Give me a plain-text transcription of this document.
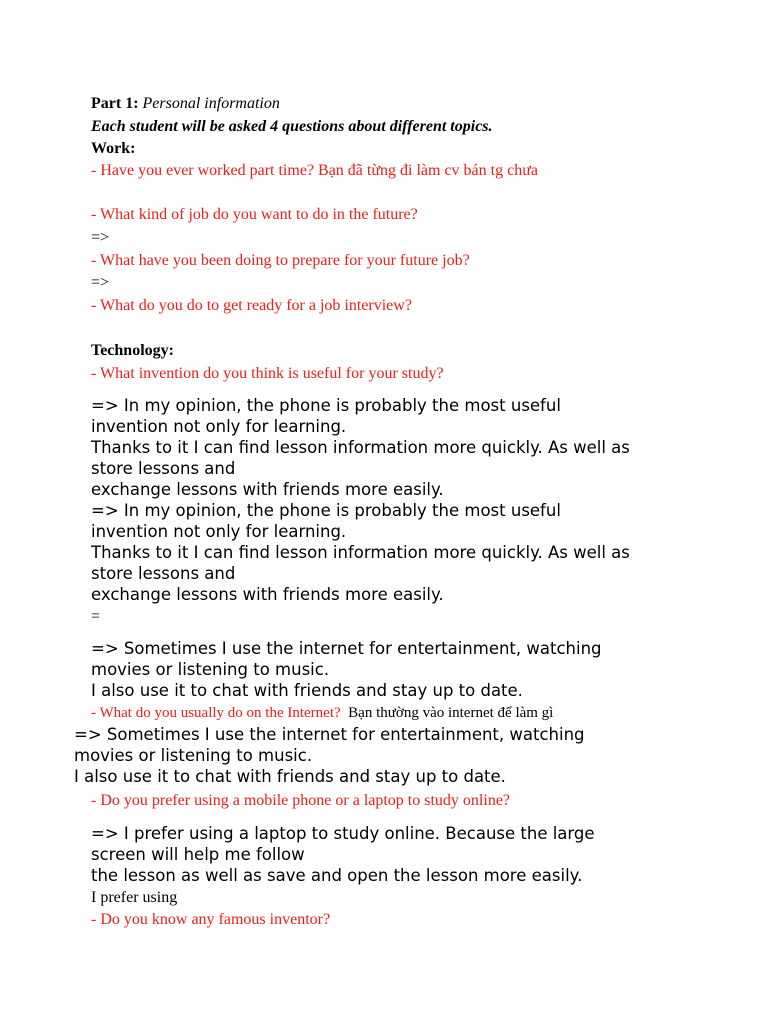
Part 1: Personal information

Each student will be asked 4 questions about different topics.

Work:

- Have you ever worked part time? Bạn đã từng đi làm cv bán tg chưa

- What kind of job do you want to do in the future?

=>

- What have you been doing to prepare for your future job?

=>

- What do you do to get ready for a job interview?

Technology:

- What invention do you think is useful for your study?

=> In my opinion, the phone is probably the most useful

invention not only for learning.

Thanks to it I can find lesson information more quickly. As well as

store lessons and

exchange lessons with friends more easily.

=> In my opinion, the phone is probably the most useful

invention not only for learning.

Thanks to it I can find lesson information more quickly. As well as

store lessons and

exchange lessons with friends more easily.

=

=> Sometimes I use the internet for entertainment, watching

movies or listening to music.

I also use it to chat with friends and stay up to date.

- What do you usually do on the Internet? Bạn thường vào internet để làm gì

=> Sometimes I use the internet for entertainment, watching

movies or listening to music.

I also use it to chat with friends and stay up to date.

- Do you prefer using a mobile phone or a laptop to study online?

=> I prefer using a laptop to study online. Because the large

screen will help me follow

the lesson as well as save and open the lesson more easily.

I prefer using

- Do you know any famous inventor?
